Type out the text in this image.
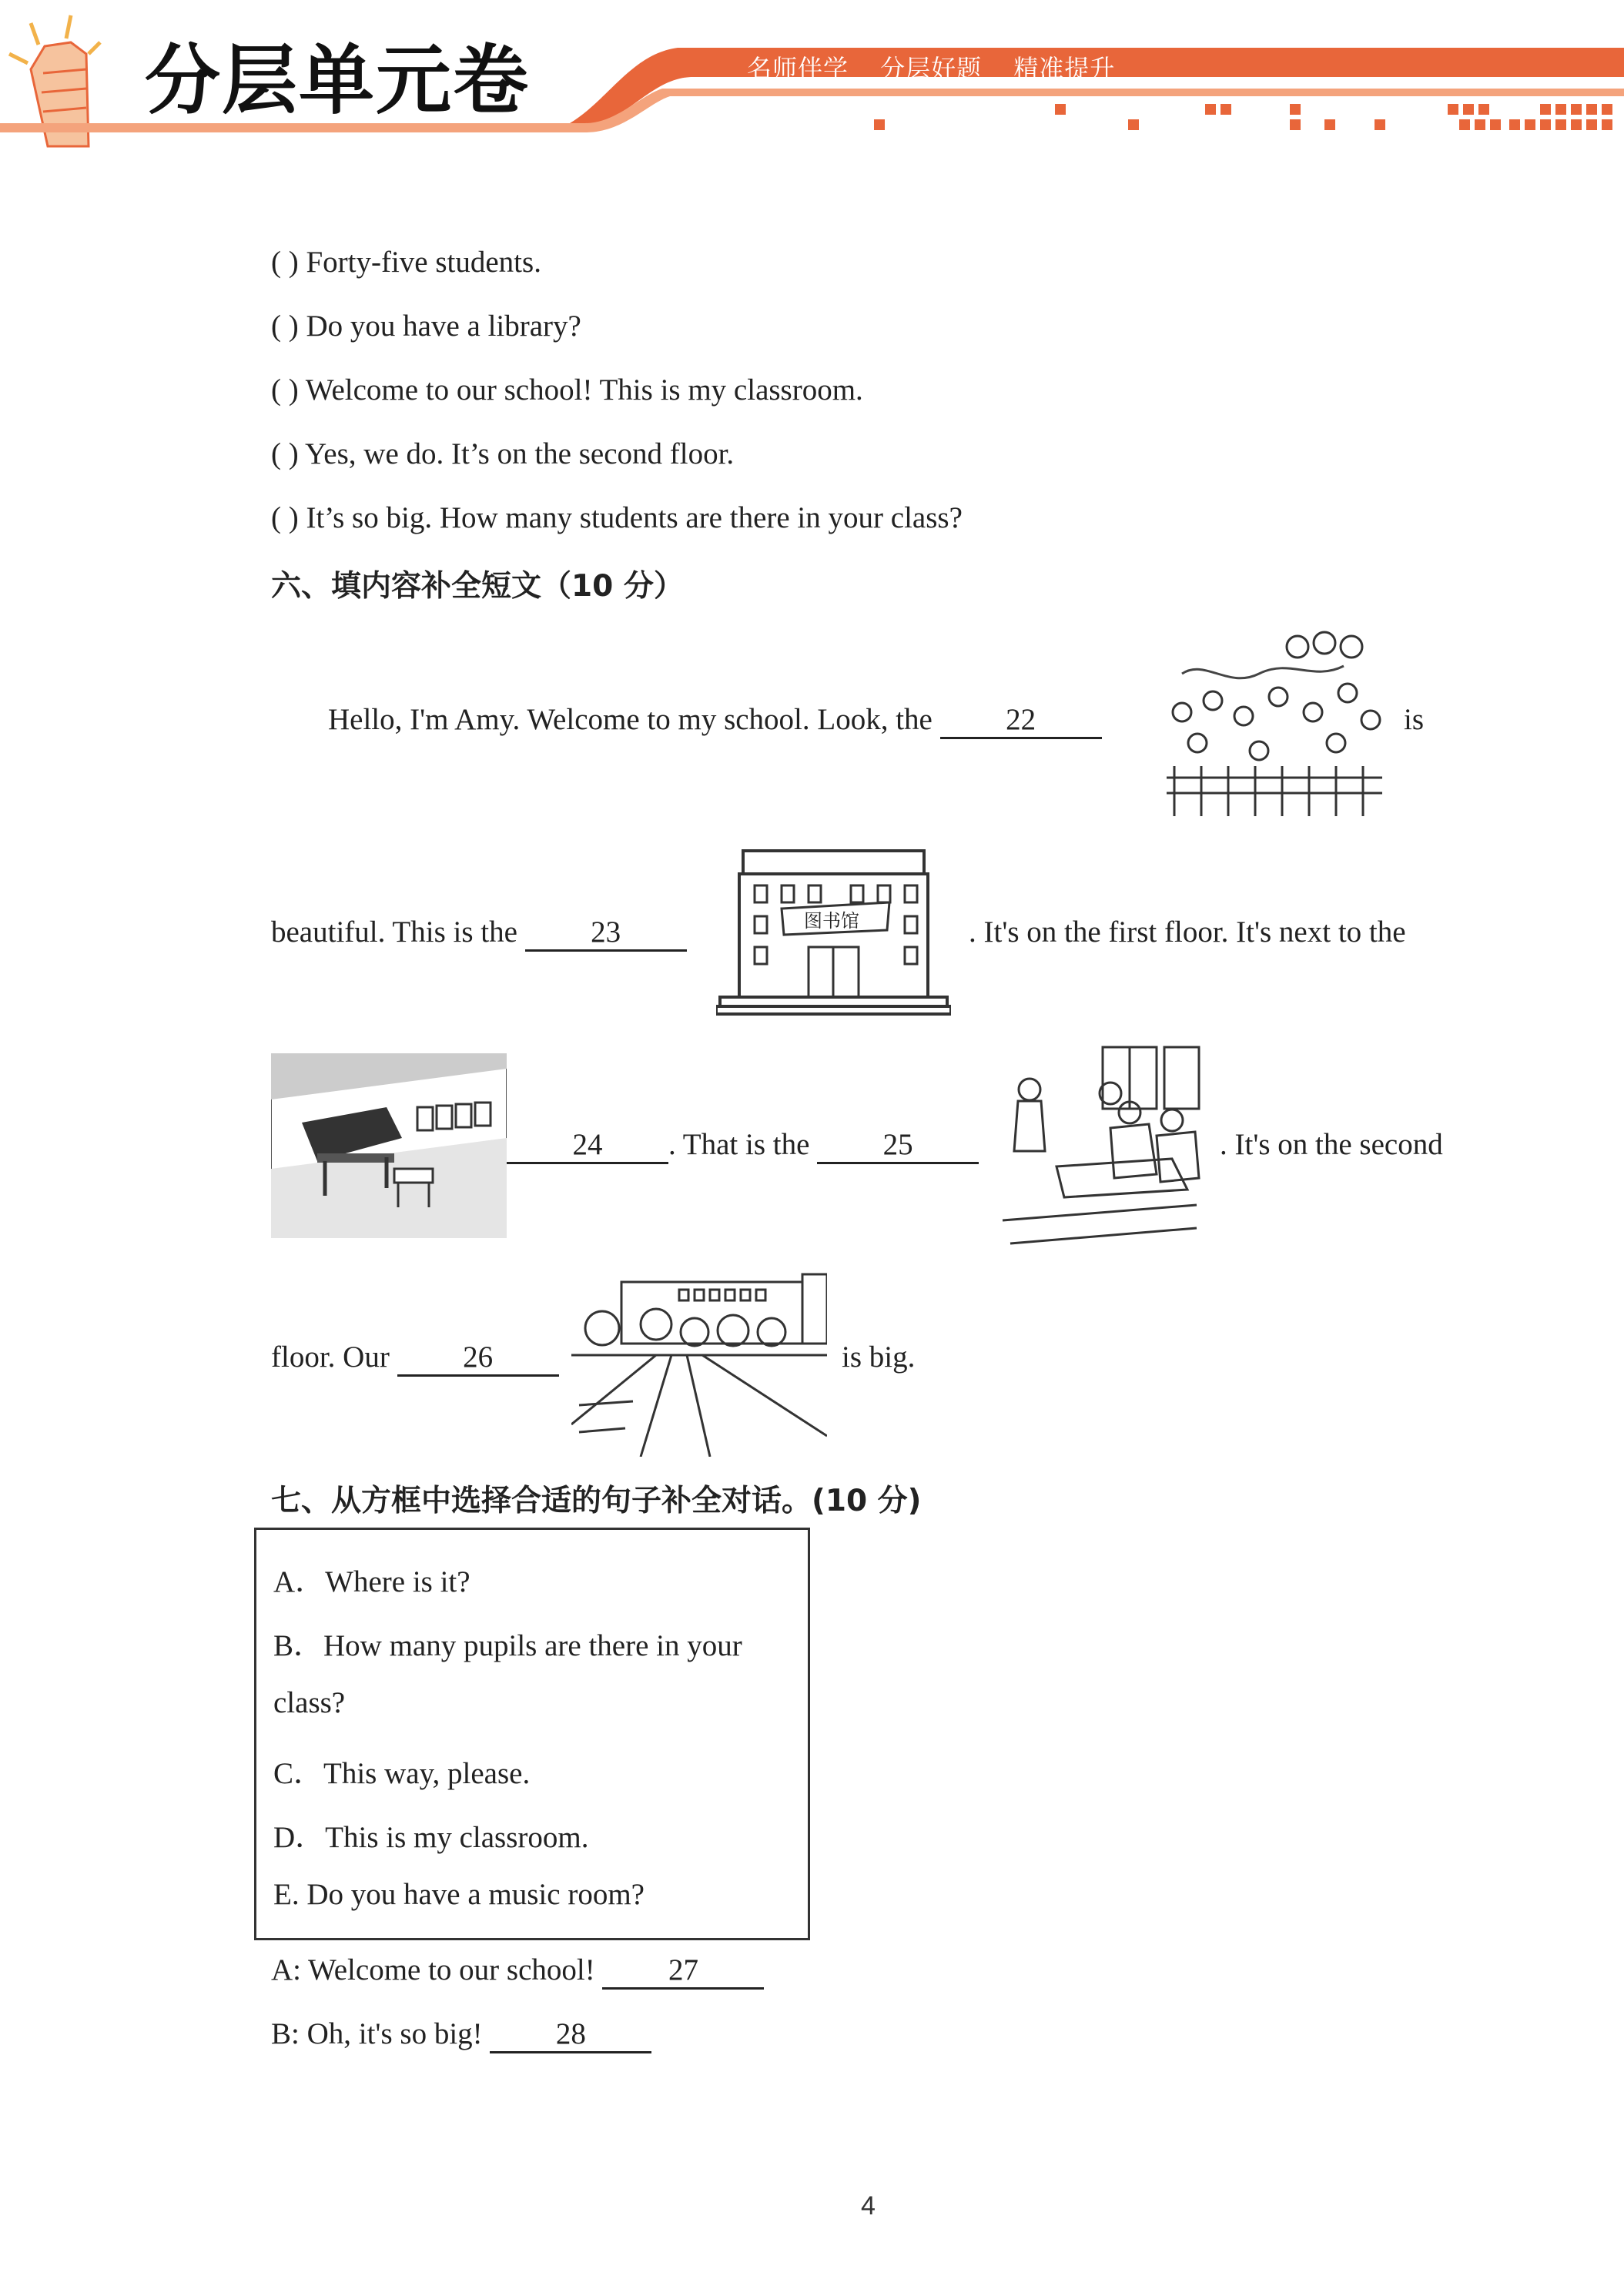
分层单元卷	名师伴学 分层好题 精准提升
( ) Forty-five students.
( ) Do you have a library?
( ) Welcome to our school! This is my classroom.
( ) Yes, we do. It’s on the second floor.
( ) It’s so big. How many students are there in your class?
六、填内容补全短文（10 分）
Hello, I'm Amy. Welcome to my school. Look, the 22	is
beautiful. This is the 23	图书馆	. It's on the first floor. It's next to the
24 . That is the 25	. It's on the second
floor. Our 26	is big.
七、从方框中选择合适的句子补全对话。(10 分)
A．Where is it?
B．How many pupils are there in your
class?
C．This way, please.
D．This is my classroom.
E. Do you have a music room?
A: Welcome to our school! 27
B: Oh, it's so big! 28
4
